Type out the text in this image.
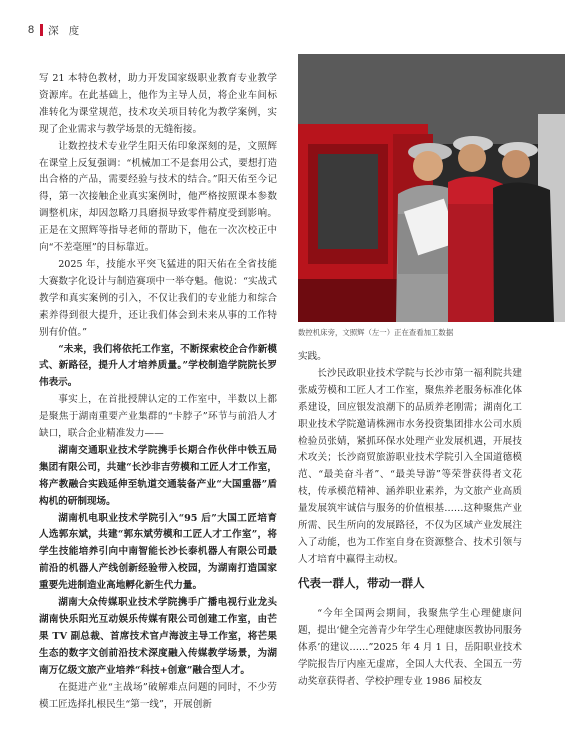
8 深度

写 21 本特色教材，助力开发国家级职业教育专业教学资源库。在此基础上，他作为主导人员，将企业车间标准转化为课堂规范，技术攻关项目转化为教学案例，实现了企业需求与教学场景的无缝衔接。

让数控技术专业学生阳天佑印象深刻的是，文照辉在课堂上反复强调：“机械加工不是套用公式，要想打造出合格的产品，需要经验与技术的结合。”阳天佑至今记得，第一次接触企业真实案例时，他严格按照课本参数调整机床，却因忽略刀具磨损导致零件精度受到影响。正是在文照辉等指导老师的帮助下，他在一次次校正中向“不差毫厘”的目标靠近。

2025 年，技能水平突飞猛进的阳天佑在全省技能大赛数字化设计与制造赛项中一举夺魁。他说：“实战式教学和真实案例的引入，不仅让我们的专业能力和综合素养得到很大提升，还让我们体会到未来从事的工作特别有价值。”

“未来，我们将依托工作室，不断探索校企合作新模式、新路径，提升人才培养质量。”学校制造学院院长罗伟表示。

事实上，在首批授牌认定的工作室中，半数以上都是聚焦于湖南重要产业集群的“卡脖子”环节与前沿人才缺口，联合企业精准发力——

湖南交通职业技术学院携手长期合作伙伴中铁五局集团有限公司，共建“长沙非吉劳模和工匠人才工作室，将产教融合实践延伸至轨道交通装备产业“大国重器”盾构机的研制现场。

湖南机电职业技术学院引入“95 后”大国工匠培育人选郭东斌，共建“郭东斌劳模和工匠人才工作室”，将学生技能培养引向中南智能长沙长泰机器人有限公司最前沿的机器人产线创新经验带入校园，为湖南打造国家重要先进制造业高地孵化新生代力量。

湖南大众传媒职业技术学院携手广播电视行业龙头湖南快乐阳光互动娱乐传媒有限公司创建工作室，由芒果 TV 副总裁、首席技术官卢海波主导工作室，将芒果生态的数字文创前沿技术深度融入传媒教学场景，为湖南万亿级文旅产业培养“科技+创意”融合型人才。

在挺进产业“主战场”破解难点问题的同时，不少劳模工匠选择扎根民生“第一线”，开展创新

数控机床旁，文照辉（左一）正在查看加工数据

实践。

长沙民政职业技术学院与长沙市第一福利院共建张威劳模和工匠人才工作室，聚焦养老服务标准化体系建设，回应银发浪潮下的品质养老刚需；湖南化工职业技术学院邀请株洲市水务投资集团排水公司水质检验员张婧，紧抓环保水处理产业发展机遇，开展技术攻关；长沙商贸旅游职业技术学院引入全国道德模范、“最美奋斗者”、“最美导游”等荣誉获得者文花枝，传承模范精神、涵养职业素养，为文旅产业高质量发展筑牢诚信与服务的价值根基……这种聚焦产业所需、民生所向的发展路径，不仅为区域产业发展注入了动能，也为工作室自身在资源整合、技术引领与人才培育中赢得主动权。

代表一群人，带动一群人

“今年全国两会期间，我聚焦学生心理健康问题，提出‘健全完善青少年学生心理健康医教协同服务体系’的建议……”2025 年 4 月 1 日，岳阳职业技术学院报告厅内座无虚席，全国人大代表、全国五一劳动奖章获得者、学校护理专业 1986 届校友
